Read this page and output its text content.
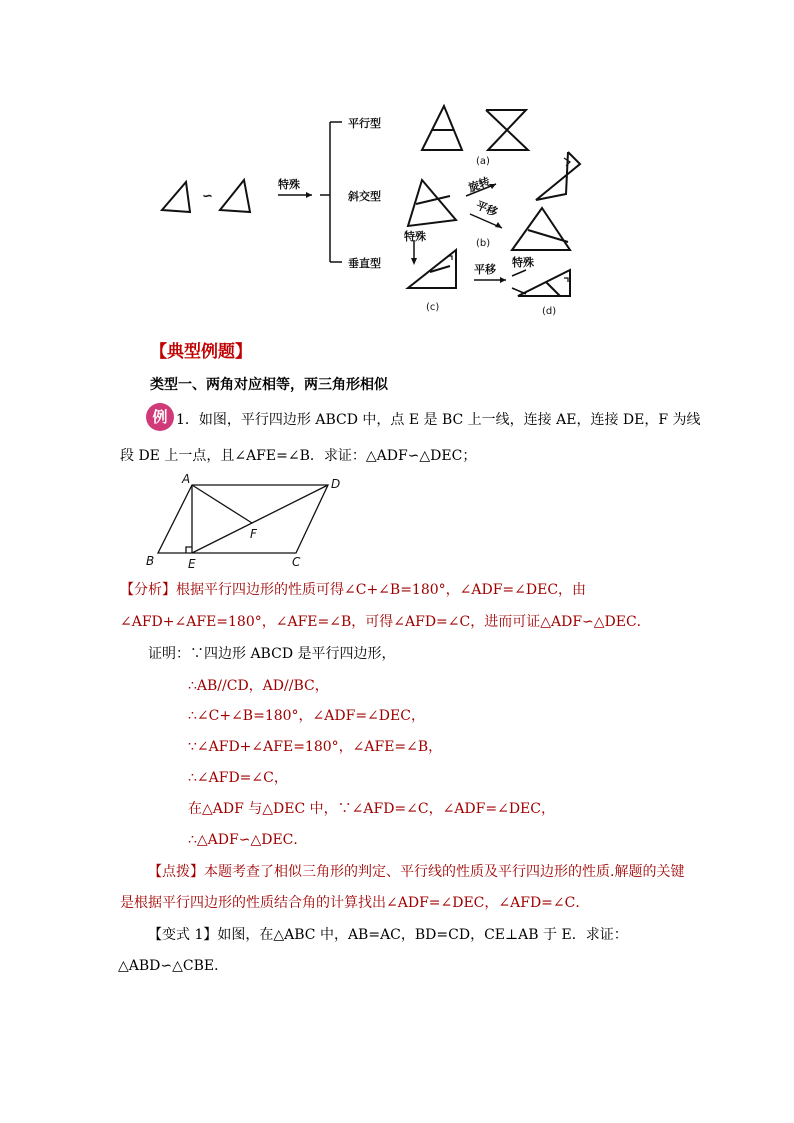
∽
特殊
平行型
斜交型
垂直型
(a)
(b)
(c)	(d)
旋转
平移
特殊
平移
特殊
【典型例题】
类型一、两角对应相等，两三角形相似
例 1．如图，平行四边形 ABCD 中，点 E 是 BC 上一线，连接 AE，连接 DE，F 为线
段 DE 上一点，且∠AFE=∠B．求证：△ADF∽△DEC；
A	D
F
B	E	C
【分析】根据平行四边形的性质可得∠C+∠B=180°，∠ADF=∠DEC，由
∠AFD+∠AFE=180°，∠AFE=∠B，可得∠AFD=∠C，进而可证△ADF∽△DEC．
证明：∵四边形 ABCD 是平行四边形，
∴AB//CD，AD//BC，
∴∠C+∠B=180°，∠ADF=∠DEC，
∵∠AFD+∠AFE=180°，∠AFE=∠B，
∴∠AFD=∠C，
在△ADF 与△DEC 中，∵∠AFD=∠C，∠ADF=∠DEC，
∴△ADF∽△DEC．
【点拨】本题考查了相似三角形的判定、平行线的性质及平行四边形的性质.解题的关键
是根据平行四边形的性质结合角的计算找出∠ADF=∠DEC，∠AFD=∠C．
【变式 1】如图，在△ABC 中，AB=AC，BD=CD，CE⊥AB 于 E．求证：
△ABD∽△CBE．
